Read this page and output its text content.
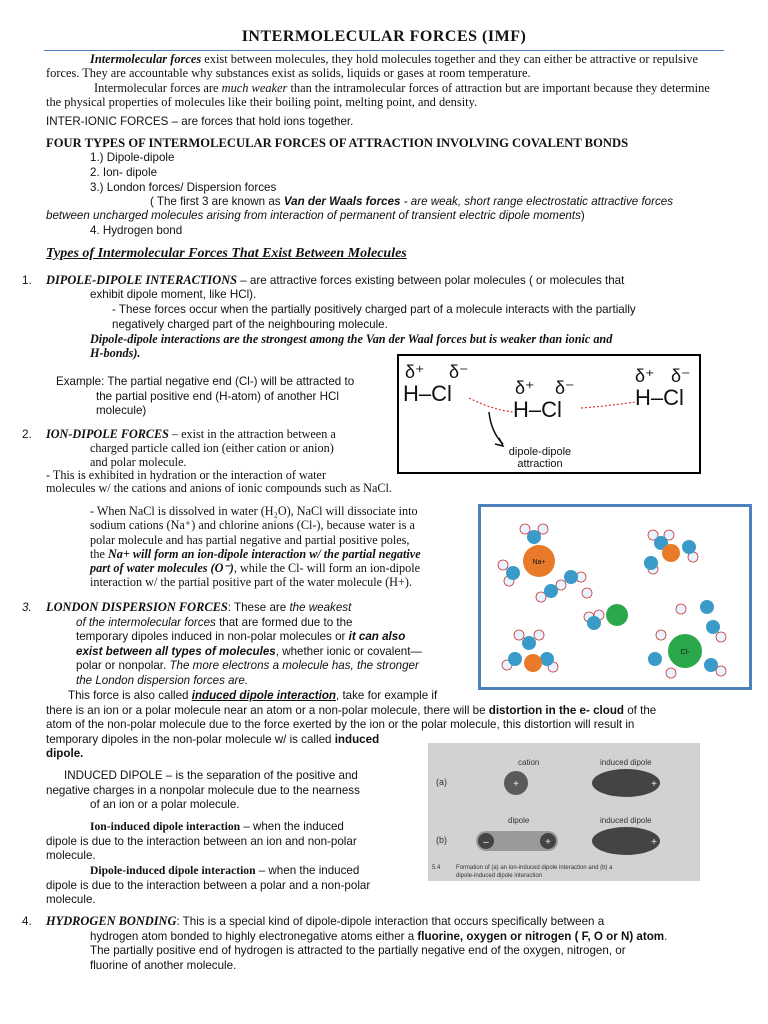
INTERMOLECULAR FORCES (IMF)

Intermolecular forces exist between molecules, they hold molecules together and they can either be attractive or repulsive forces. They are accountable why substances exist as solids, liquids or gases at room temperature.

Intermolecular forces are much weaker than the intramolecular forces of attraction but are important because they determine the physical properties of molecules like their boiling point, melting point, and density.

INTER-IONIC FORCES – are forces that hold ions together.
FOUR TYPES OF INTERMOLECULAR FORCES OF ATTRACTION INVOLVING COVALENT BONDS
1.) Dipole-dipole
2. Ion- dipole
3.) London forces/ Dispersion forces
( The first 3 are known as Van der Waals forces - are weak, short range electrostatic attractive forces
between uncharged molecules arising from interaction of permanent of transient electric dipole moments)
4. Hydrogen bond
Types of Intermolecular Forces That Exist Between Molecules
1. DIPOLE-DIPOLE INTERACTIONS – are attractive forces existing between polar molecules ( or molecules that
exhibit dipole moment, like HCl).
- These forces occur when the partially positively charged part of a molecule interacts with the partially
negatively charged part of the neighbouring molecule.
Dipole-dipole interactions are the strongest among the Van der Waal forces but is weaker than ionic and
H-bonds).
Example: The partial negative end (Cl-) will be attracted to
the partial positive end (H-atom) of another HCl
molecule)
δ⁺ δ⁻
H–Cl	δ⁺ δ⁻
H–Cl
δ⁺ δ⁻
H–Cl
dipole-dipole
attraction
2. ION-DIPOLE FORCES – exist in the attraction between a
charged particle called ion (either cation or anion)
and polar molecule.
- This is exhibited in hydration or the interaction of water
molecules w/ the cations and anions of ionic compounds such as NaCl.
- When NaCl is dissolved in water (H₂O), NaCl will dissociate into
sodium cations (Na⁺) and chlorine anions (Cl-), because water is a
polar molecule and has partial negative and partial positive poles,
the Na+ will form an ion-dipole interaction w/ the partial negative
part of water molecules (O⁻), while the Cl- will form an ion-dipole
interaction w/ the partial positive part of the water molecule (H+).
Na+
Cl-
3. LONDON DISPERSION FORCES: These are the weakest
of the intermolecular forces that are formed due to the
temporary dipoles induced in non-polar molecules or it can also
exist between all types of molecules, whether ionic or covalent—
polar or nonpolar. The more electrons a molecule has, the stronger
the London dispersion forces are.
This force is also called induced dipole interaction, take for example if
there is an ion or a polar molecule near an atom or a non-polar molecule, there will be distortion in the e- cloud of the
atom of the non-polar molecule due to the force exerted by the ion or the polar molecule, this distortion will result in
temporary dipoles in the non-polar molecule w/ is called induced
dipole.
INDUCED DIPOLE – is the separation of the positive and
negative charges in a nonpolar molecule due to the nearness
of an ion or a polar molecule.
Ion-induced dipole interaction – when the induced
dipole is due to the interaction between an ion and non-polar
molecule.
Dipole-induced dipole interaction – when the induced
dipole is due to the interaction between a polar and a non-polar
molecule.
cation	induced dipole
(a)	+	+
dipole	induced dipole
(b)	–	+	+
5.4	Formation of (a) an ion-induced dipole interaction and (b) a
dipole-induced dipole interaction
4. HYDROGEN BONDING: This is a special kind of dipole-dipole interaction that occurs specifically between a
hydrogen atom bonded to highly electronegative atoms either a fluorine, oxygen or nitrogen ( F, O or N) atom.
The partially positive end of hydrogen is attracted to the partially negative end of the oxygen, nitrogen, or
fluorine of another molecule.
